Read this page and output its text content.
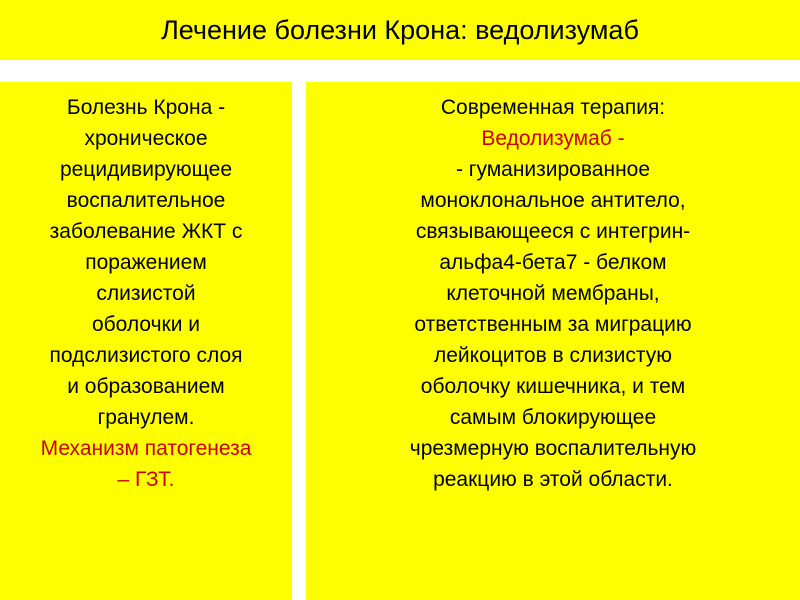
Лечение болезни Крона: ведолизумаб

Болезнь Крона -

хроническое

рецидивирующее

воспалительное

заболевание ЖКТ с

поражением

слизистой

оболочки и

подслизистого слоя

и образованием

гранулем.

Механизм патогенеза

– ГЗТ.

Современная терапия:

Ведолизумаб -

- гуманизированное

моноклональное антитело,

связывающееся с интегрин-

альфа4-бета7 - белком

клеточной мембраны,

ответственным за миграцию

лейкоцитов в слизистую

оболочку кишечника, и тем

самым блокирующее

чрезмерную воспалительную

реакцию в этой области.
